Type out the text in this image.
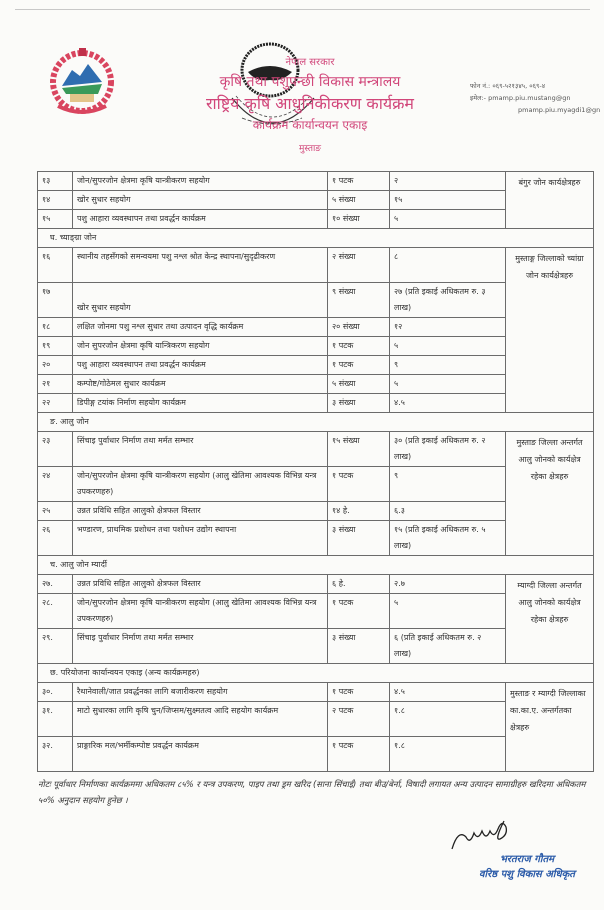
नेपाल सरकार
कृषि तथा पशुपन्छी विकास मन्त्रालय
राष्ट्रिय कृषि आधुनिकीकरण कार्यक्रम
कार्यक्रम कार्यान्वयन एकाइ
मुस्ताङ
फोन नं.: ०६९-५२१३४५, ०६९-४
इमेल:- pmamp.piu.mustang@gn
pmamp.piu.myagdi1@gn
१३	जोन/सुपरजोन क्षेत्रमा कृषि यान्त्रीकरण सहयोग	१ पटक	२	बंगुर जोन कार्यक्षेत्रहरु
१४	खोर सुधार सहयोग	५ संख्या	१५	
१५	पशु आहारा व्यवस्थापन तथा प्रवर्द्धन कार्यक्रम	१० संख्या	५	
घ. च्याङ्ग्रा जोन				
१६	स्थानीय तहसँगको समन्वयमा पशु नश्ल श्रोत केन्द्र स्थापना/सुदृढीकरण	२ संख्या	८	मुस्ताङ्ग जिल्लाको च्यांग्रा जोन कार्यक्षेत्रहरु
१७	खोर सुधार सहयोग	९ संख्या	२७ (प्रति इकाई अधिकतम रु. ३ लाख)	
१८	लक्षित जोनमा पशु नश्ल सुधार तथा उत्पादन वृद्धि कार्यक्रम	२० संख्या	१२	
१९	जोन सुपरजोन क्षेत्रमा कृषि यान्त्रिकरण सहयोग	१ पटक	५	
२०	पशु आहारा व्यवस्थापन तथा प्रवर्द्धन कार्यक्रम	१ पटक	९	
२१	कम्पोष्ट/गोठेमल सुधार कार्यक्रम	५ संख्या	५	
२२	डिपीङ्ग टयांक निर्माण सहयोग कार्यक्रम	३ संख्या	४.५	
ङ. आलु जोन				
२३	सिंचाइ पुर्वाधार निर्माण तथा मर्मत सम्भार	१५ संख्या	३० (प्रति इकाई अधिकतम रु. २ लाख)	मुस्ताङ जिल्ला अन्तर्गत आलु जोनको कार्यक्षेत्र रहेका क्षेत्रहरु
२४	जोन/सुपरजोन क्षेत्रमा कृषि यान्त्रीकरण सहयोग (आलु खेतिमा आवश्यक विभिन्न यन्त्र उपकरणहरु)	१ पटक	९	
२५	उन्नत प्रविधि सहित आलुको क्षेत्रफल विस्तार	१४ हे.	६.३	
२६	भण्डारण, प्राथमिक प्रशोधन तथा पशोधन उद्योग स्थापना	३ संख्या	१५ (प्रति इकाई अधिकतम रु. ५ लाख)	
च. आलु जोन म्यार्दी				
२७.	उन्नत प्रविधि सहित आलुको क्षेत्रफल विस्तार	६ हे.	२.७	म्याग्दी जिल्ला अन्तर्गत आलु जोनको कार्यक्षेत्र रहेका क्षेत्रहरु
२८.	जोन/सुपरजोन क्षेत्रमा कृषि यान्त्रीकरण सहयोग (आलु खेतिमा आवश्यक विभिन्न यन्त्र उपकरणहरु)	१ पटक	५	
२९.	सिंचाइ पुर्वाधार निर्माण तथा मर्मत सम्भार	३ संख्या	६ (प्रति इकाई अधिकतम रु. २ लाख)	
छ. परियोजना कार्यान्वयन एकाइ (अन्य कार्यक्रमहरु)				
३०.	रैथानेवाली/जात प्रवर्द्धनका लागि बजारीकरण सहयोग	१ पटक	४.५	मुस्ताङ र म्याग्दी जिल्लाका का.का.ए. अन्तर्गतका क्षेत्रहरु
३१.	माटो सुधारका लागि कृषि चुन/जिप्सम/सुक्ष्मतत्व आदि सहयोग कार्यक्रम	२ पटक	१.८	
३२.	प्राङ्गारिक मल/भर्मीकम्पोष्ट प्रवर्द्धन कार्यक्रम	१ पटक	१.८	
नोटः पूर्वाधार निर्माणका कार्यक्रममा अधिकतम ८५% र यन्त्र उपकरण, पाइप तथा ड्रम खरिद (साना सिंचाई) तथा बीउ/बेर्ना, विषादी लगायत अन्य उत्पादन सामाग्रीहरु खरिदमा अधिकतम ५०% अनुदान सहयोग हुनेछ ।
भरतराज गौतम
वरिष्ठ पशु विकास अधिकृत
